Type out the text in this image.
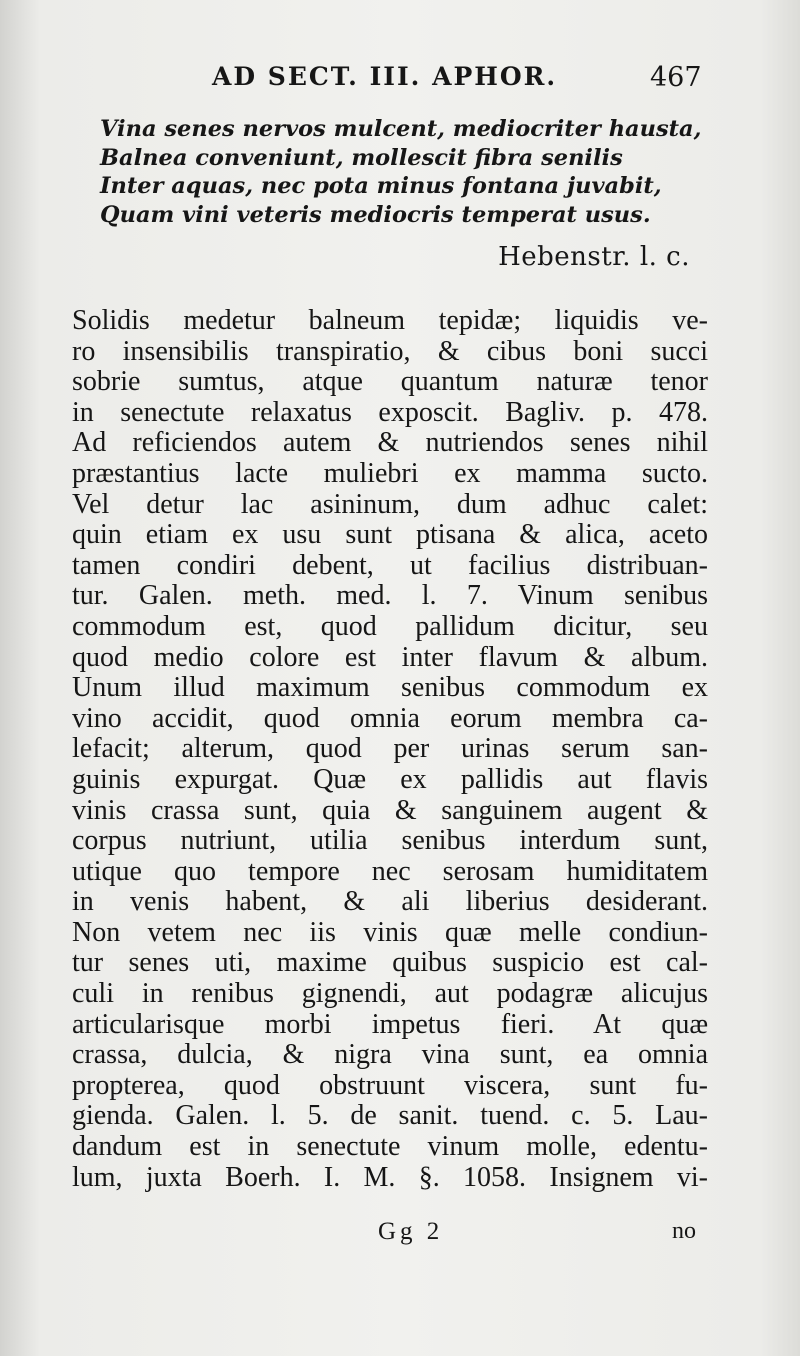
AD SECT. III. APHOR.	467
Vina senes nervos mulcent, mediocriter hausta,
Balnea conveniunt, mollescit fibra senilis
Inter aquas, nec pota minus fontana juvabit,
Quam vini veteris mediocris temperat usus.
Hebenstr. l. c.
Solidis medetur balneum tepidæ; liquidis ve-
ro insensibilis transpiratio, & cibus boni succi
sobrie sumtus, atque quantum naturæ tenor
in senectute relaxatus exposcit. Bagliv. p. 478.
Ad reficiendos autem & nutriendos senes nihil
præstantius lacte muliebri ex mamma sucto.
Vel detur lac asininum, dum adhuc calet:
quin etiam ex usu sunt ptisana & alica, aceto
tamen condiri debent, ut facilius distribuan-
tur. Galen. meth. med. l. 7. Vinum senibus
commodum est, quod pallidum dicitur, seu
quod medio colore est inter flavum & album.
Unum illud maximum senibus commodum ex
vino accidit, quod omnia eorum membra ca-
lefacit; alterum, quod per urinas serum san-
guinis expurgat. Quæ ex pallidis aut flavis
vinis crassa sunt, quia & sanguinem augent &
corpus nutriunt, utilia senibus interdum sunt,
utique quo tempore nec serosam humiditatem
in venis habent, & ali liberius desiderant.
Non vetem nec iis vinis quæ melle condiun-
tur senes uti, maxime quibus suspicio est cal-
culi in renibus gignendi, aut podagræ alicujus
articularisque morbi impetus fieri. At quæ
crassa, dulcia, & nigra vina sunt, ea omnia
propterea, quod obstruunt viscera, sunt fu-
gienda. Galen. l. 5. de sanit. tuend. c. 5. Lau-
dandum est in senectute vinum molle, edentu-
lum, juxta Boerh. I. M. §. 1058. Insignem vi-
Gg 2	no
